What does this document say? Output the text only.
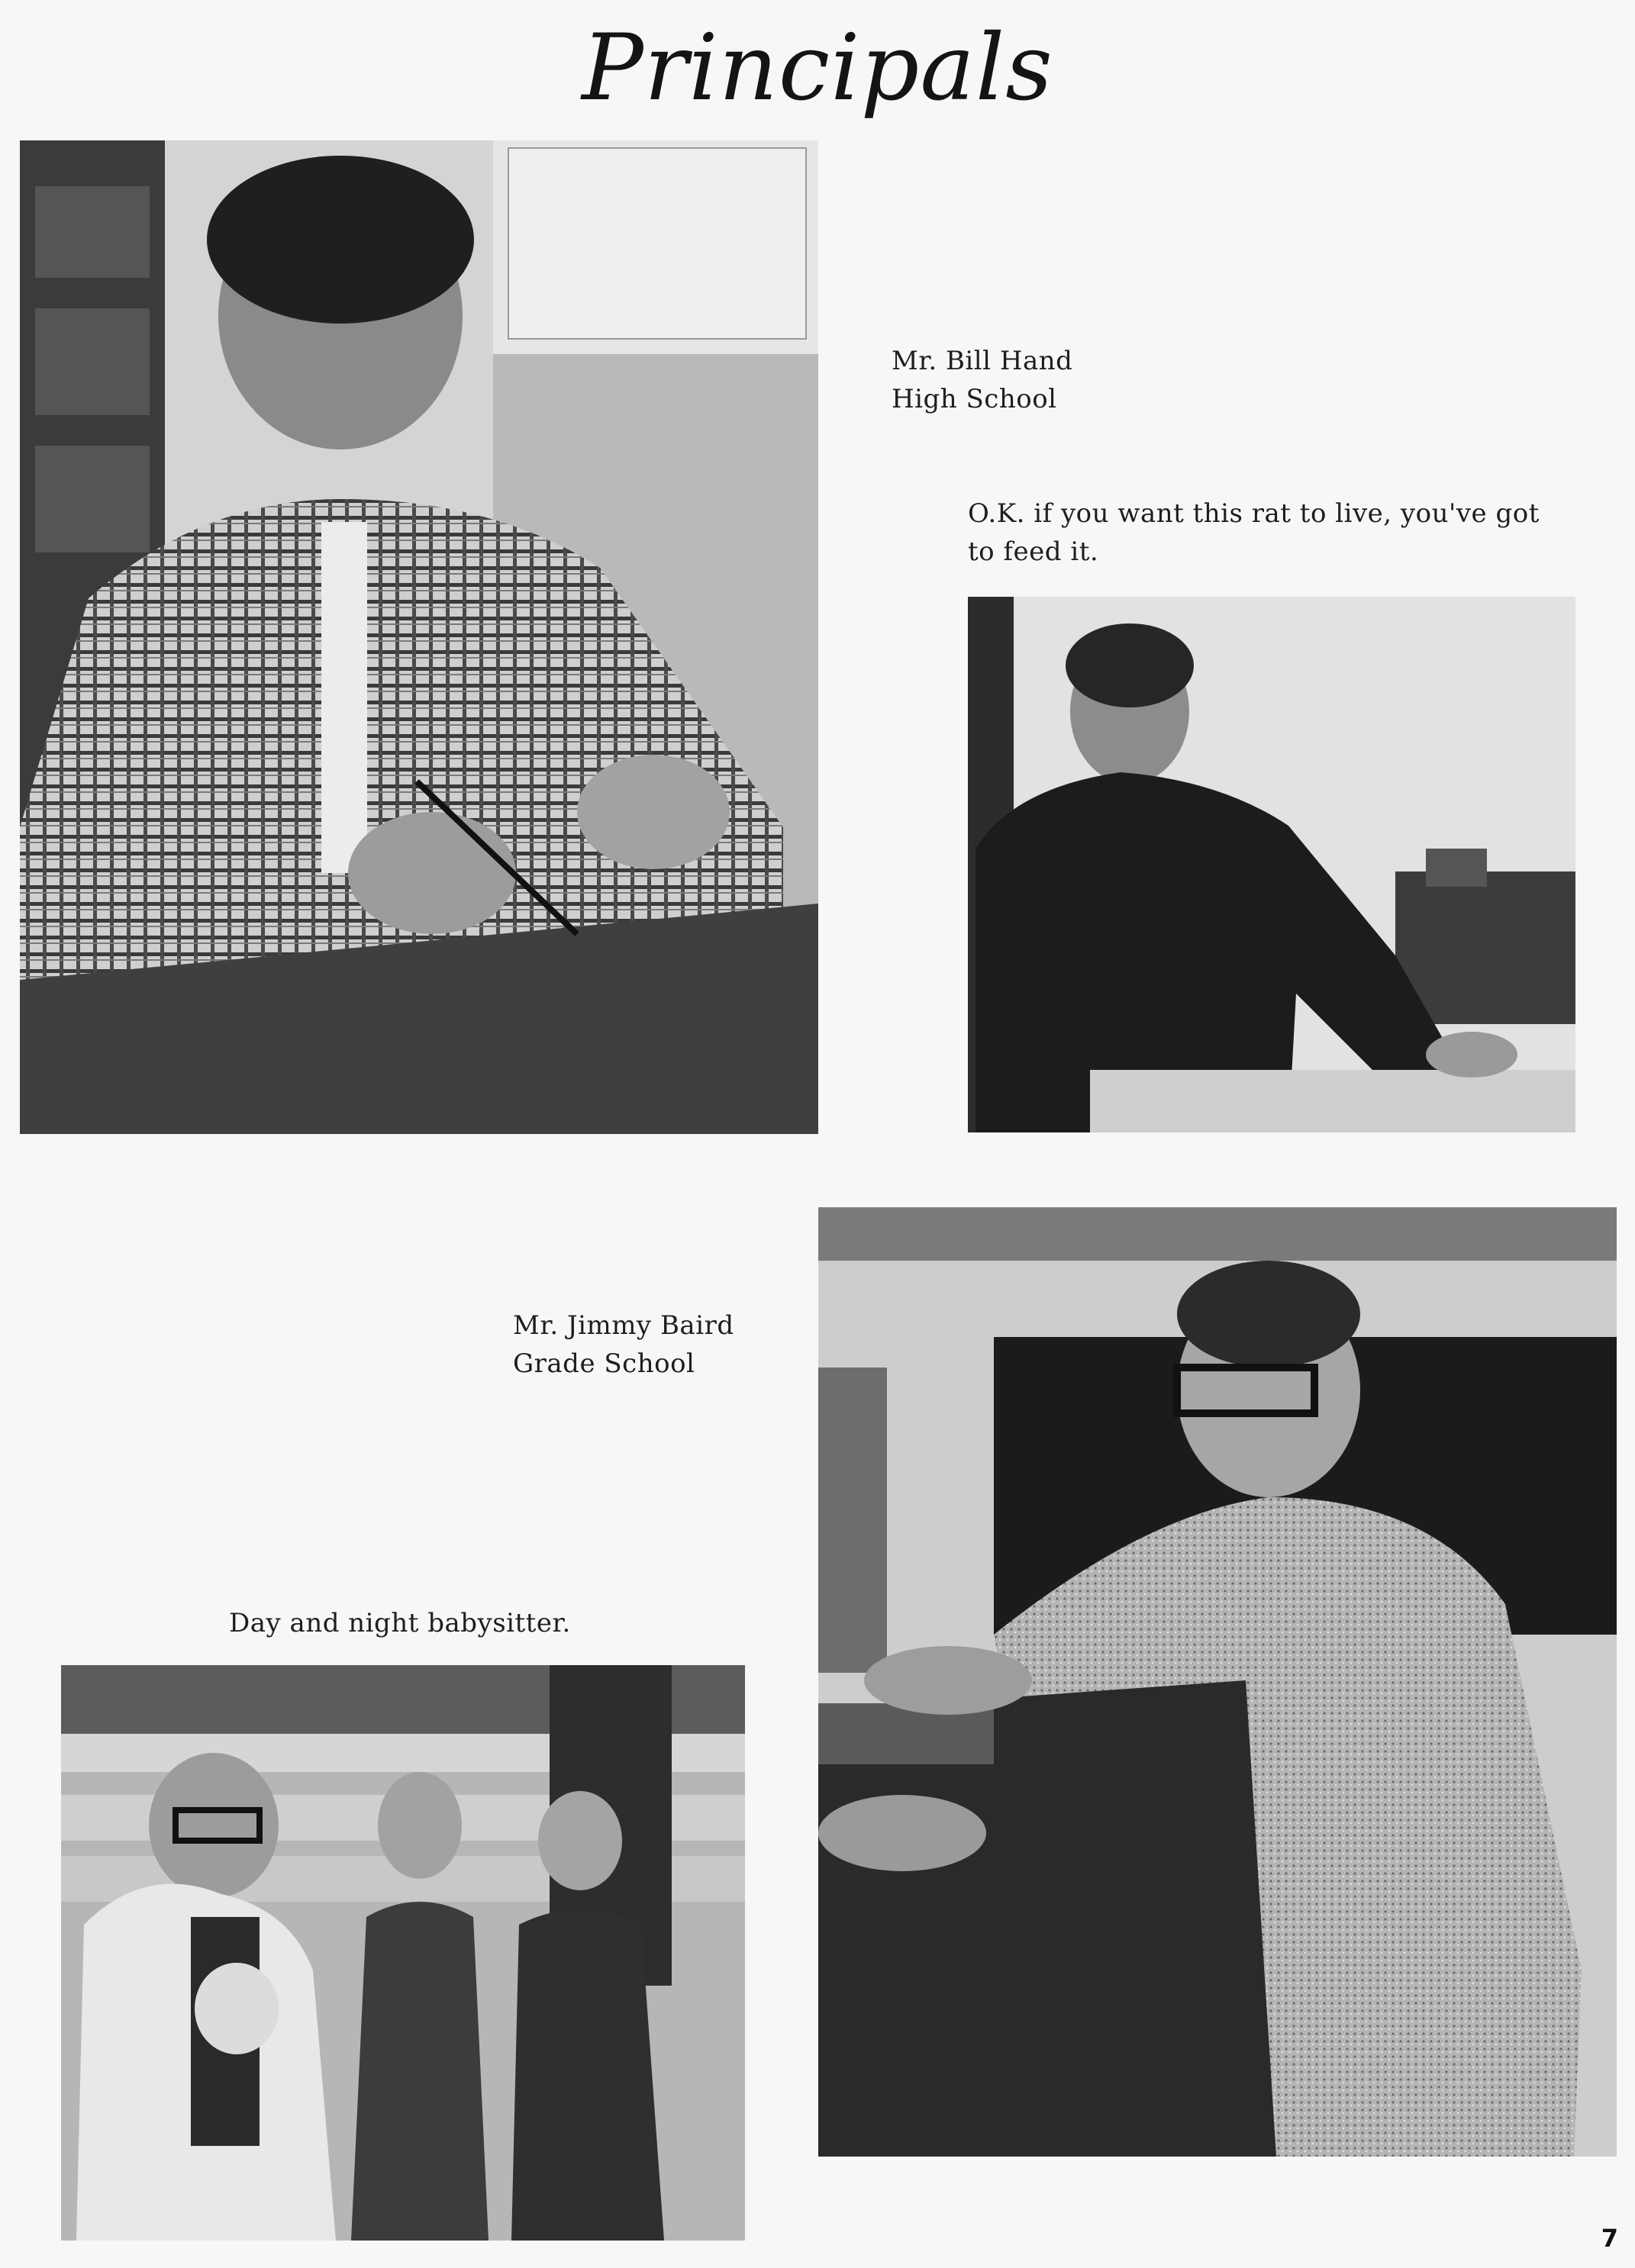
Principals
Mr. Bill Hand
High School
O.K. if you want this rat to live, you've got
to feed it.
Mr. Jimmy Baird
Grade School
Day and night babysitter.
7
